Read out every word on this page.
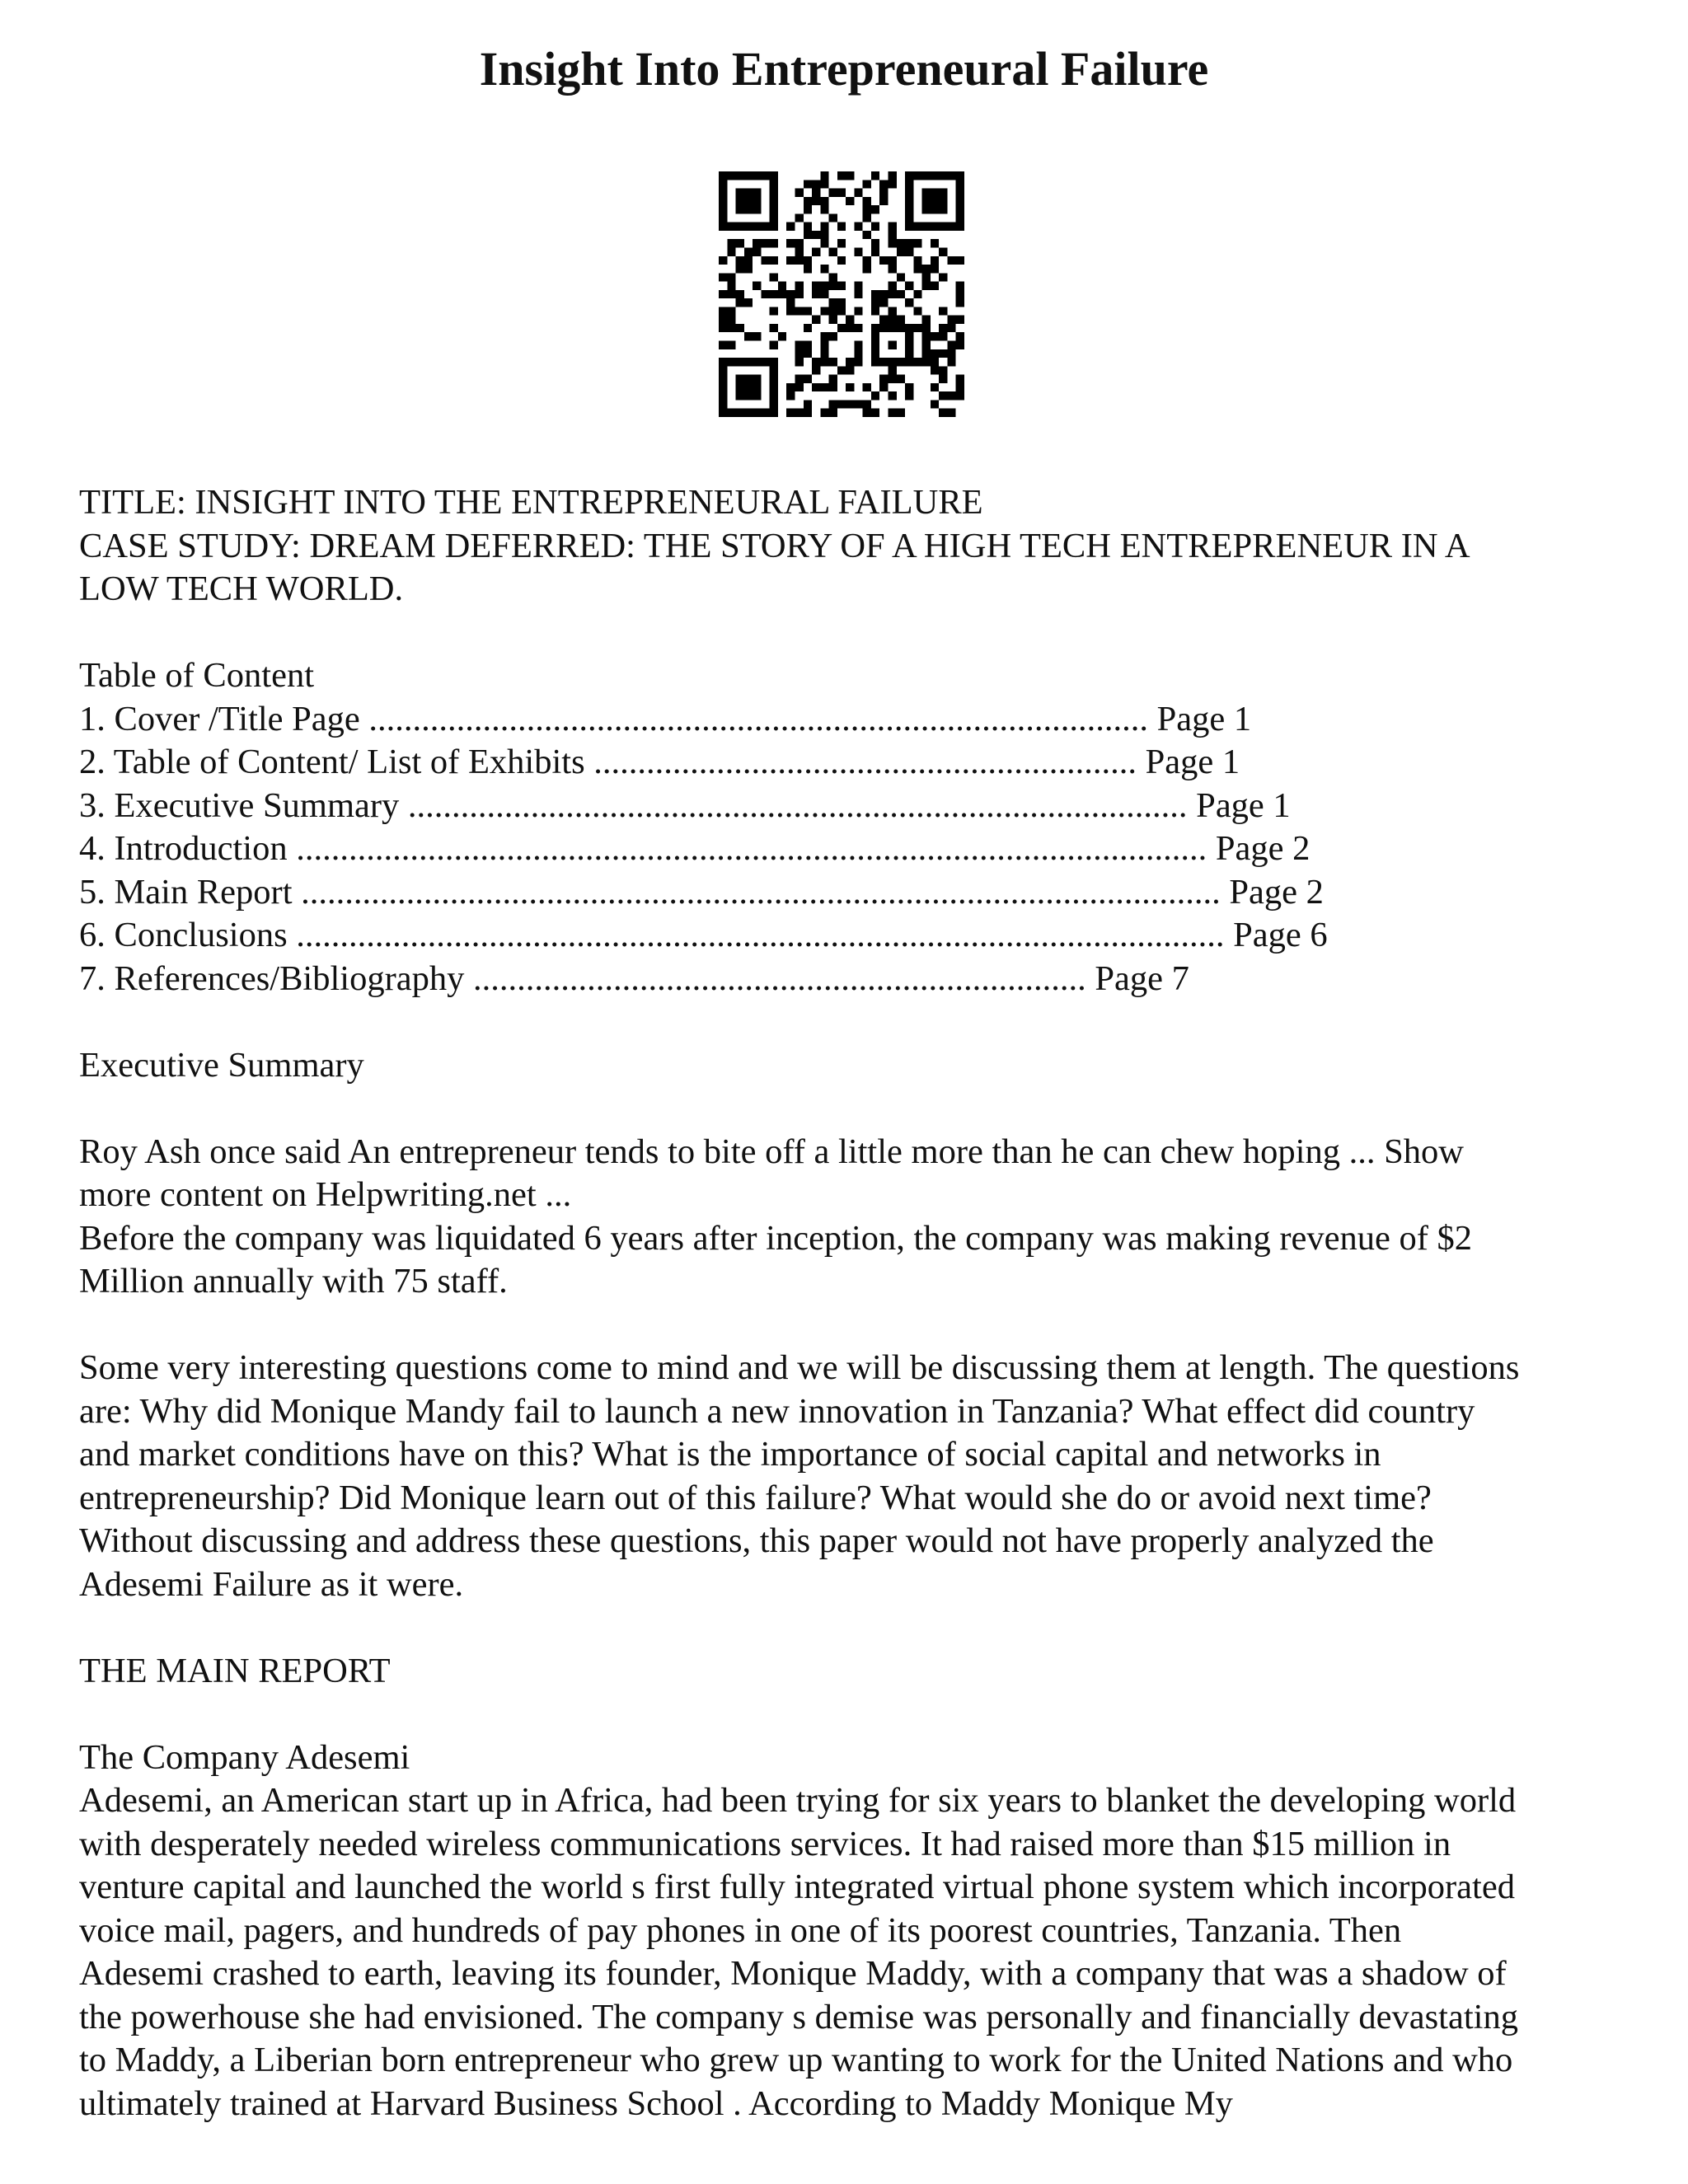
Insight Into Entrepreneural Failure
TITLE: INSIGHT INTO THE ENTREPRENEURAL FAILURE
CASE STUDY: DREAM DEFERRED: THE STORY OF A HIGH TECH ENTREPRENEUR IN A
LOW TECH WORLD.
Table of Content
1. Cover /Title Page ......................................................................................... Page 1
2. Table of Content/ List of Exhibits .............................................................. Page 1
3. Executive Summary ......................................................................................... Page 1
4. Introduction ........................................................................................................ Page 2
5. Main Report ......................................................................................................... Page 2
6. Conclusions .......................................................................................................... Page 6
7. References/Bibliography ...................................................................... Page 7
Executive Summary
Roy Ash once said An entrepreneur tends to bite off a little more than he can chew hoping ... Show
more content on Helpwriting.net ...
Before the company was liquidated 6 years after inception, the company was making revenue of $2
Million annually with 75 staff.
Some very interesting questions come to mind and we will be discussing them at length. The questions
are: Why did Monique Mandy fail to launch a new innovation in Tanzania? What effect did country
and market conditions have on this? What is the importance of social capital and networks in
entrepreneurship? Did Monique learn out of this failure? What would she do or avoid next time?
Without discussing and address these questions, this paper would not have properly analyzed the
Adesemi Failure as it were.
THE MAIN REPORT
The Company Adesemi
Adesemi, an American start up in Africa, had been trying for six years to blanket the developing world
with desperately needed wireless communications services. It had raised more than $15 million in
venture capital and launched the world s first fully integrated virtual phone system which incorporated
voice mail, pagers, and hundreds of pay phones in one of its poorest countries, Tanzania. Then
Adesemi crashed to earth, leaving its founder, Monique Maddy, with a company that was a shadow of
the powerhouse she had envisioned. The company s demise was personally and financially devastating
to Maddy, a Liberian born entrepreneur who grew up wanting to work for the United Nations and who
ultimately trained at Harvard Business School . According to Maddy Monique My
